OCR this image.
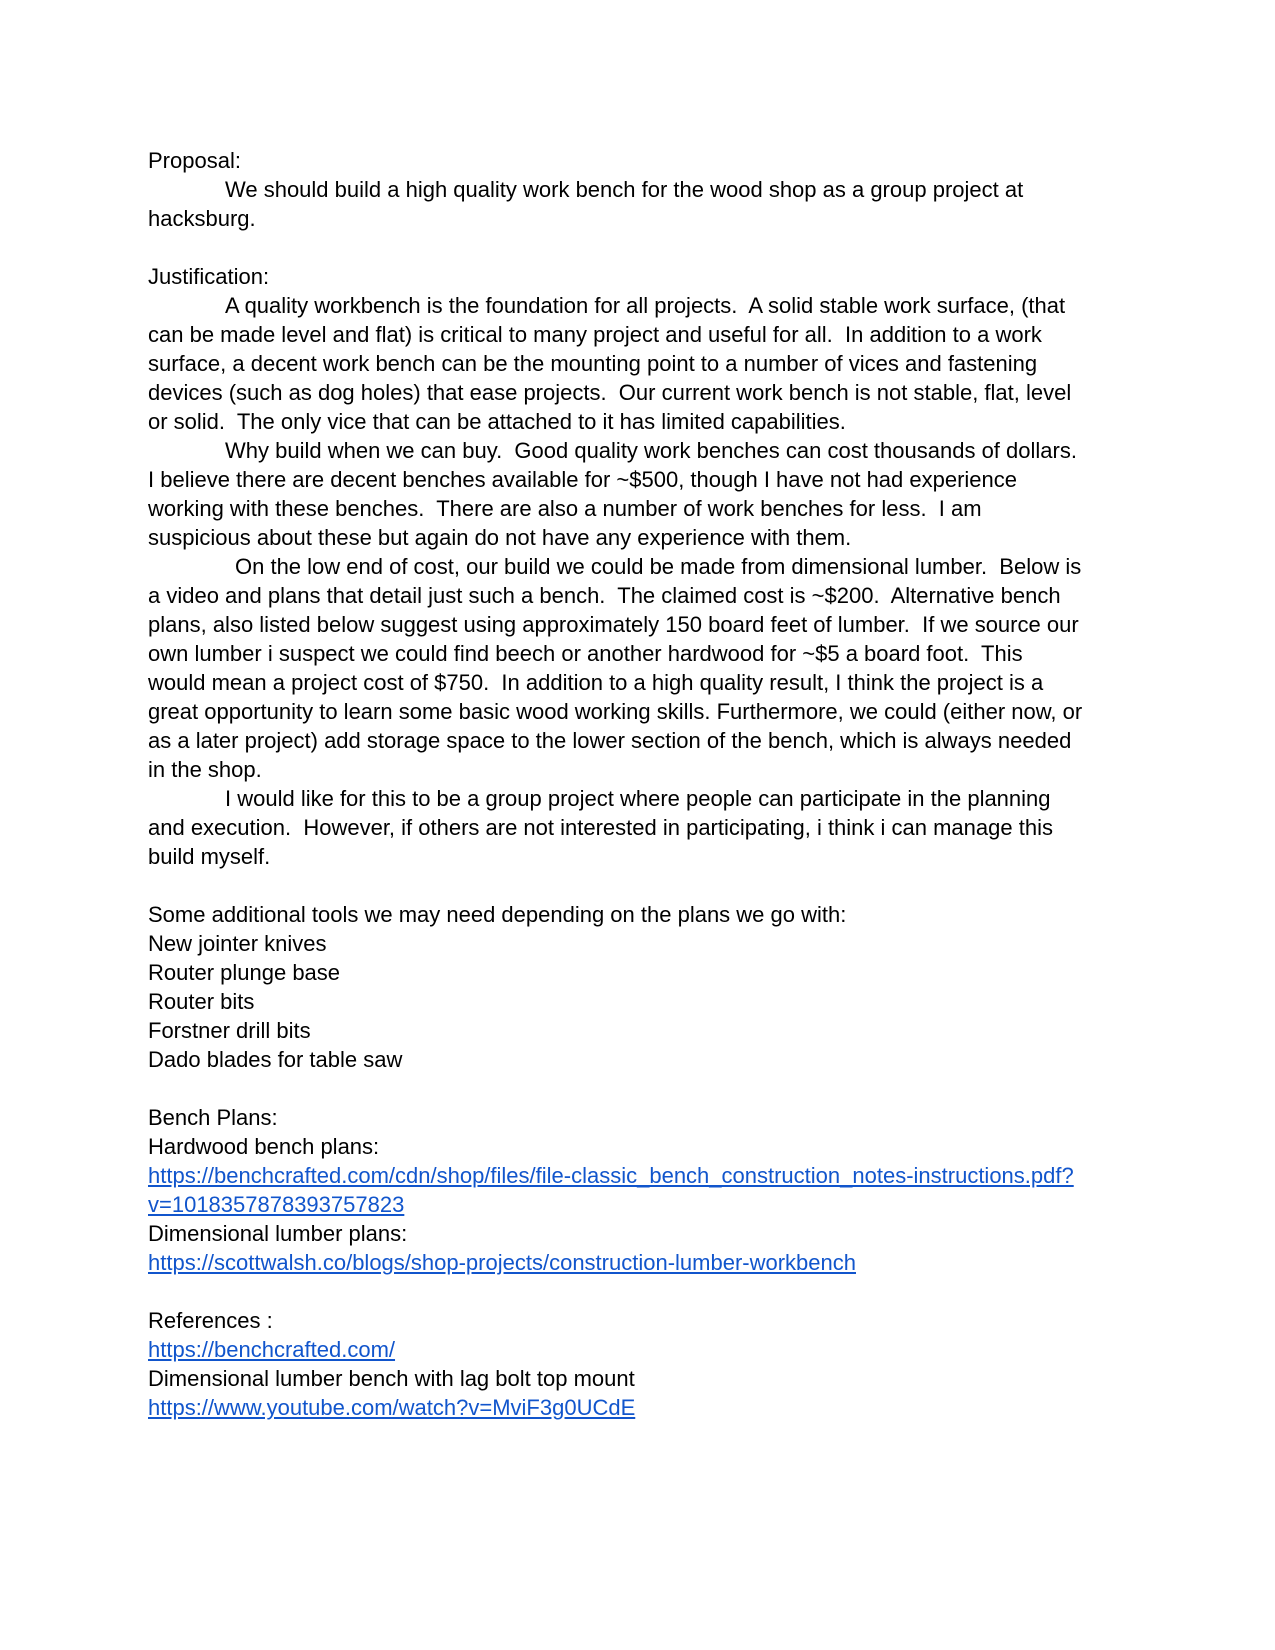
Proposal:
We should build a high quality work bench for the wood shop as a group project at
hacksburg.

Justification:
A quality workbench is the foundation for all projects.  A solid stable work surface, (that
can be made level and flat) is critical to many project and useful for all.  In addition to a work
surface, a decent work bench can be the mounting point to a number of vices and fastening
devices (such as dog holes) that ease projects.  Our current work bench is not stable, flat, level
or solid.  The only vice that can be attached to it has limited capabilities.
Why build when we can buy.  Good quality work benches can cost thousands of dollars.
I believe there are decent benches available for ~$500, though I have not had experience
working with these benches.  There are also a number of work benches for less.  I am
suspicious about these but again do not have any experience with them.
On the low end of cost, our build we could be made from dimensional lumber.  Below is
a video and plans that detail just such a bench.  The claimed cost is ~$200.  Alternative bench
plans, also listed below suggest using approximately 150 board feet of lumber.  If we source our
own lumber i suspect we could find beech or another hardwood for ~$5 a board foot.  This
would mean a project cost of $750.  In addition to a high quality result, I think the project is a
great opportunity to learn some basic wood working skills. Furthermore, we could (either now, or
as a later project) add storage space to the lower section of the bench, which is always needed
in the shop.
I would like for this to be a group project where people can participate in the planning
and execution.  However, if others are not interested in participating, i think i can manage this
build myself.

Some additional tools we may need depending on the plans we go with:
New jointer knives
Router plunge base
Router bits
Forstner drill bits
Dado blades for table saw

Bench Plans:
Hardwood bench plans:
https://benchcrafted.com/cdn/shop/files/file-classic_bench_construction_notes-instructions.pdf?
v=1018357878393757823
Dimensional lumber plans:
https://scottwalsh.co/blogs/shop-projects/construction-lumber-workbench

References :
https://benchcrafted.com/
Dimensional lumber bench with lag bolt top mount
https://www.youtube.com/watch?v=MviF3g0UCdE
